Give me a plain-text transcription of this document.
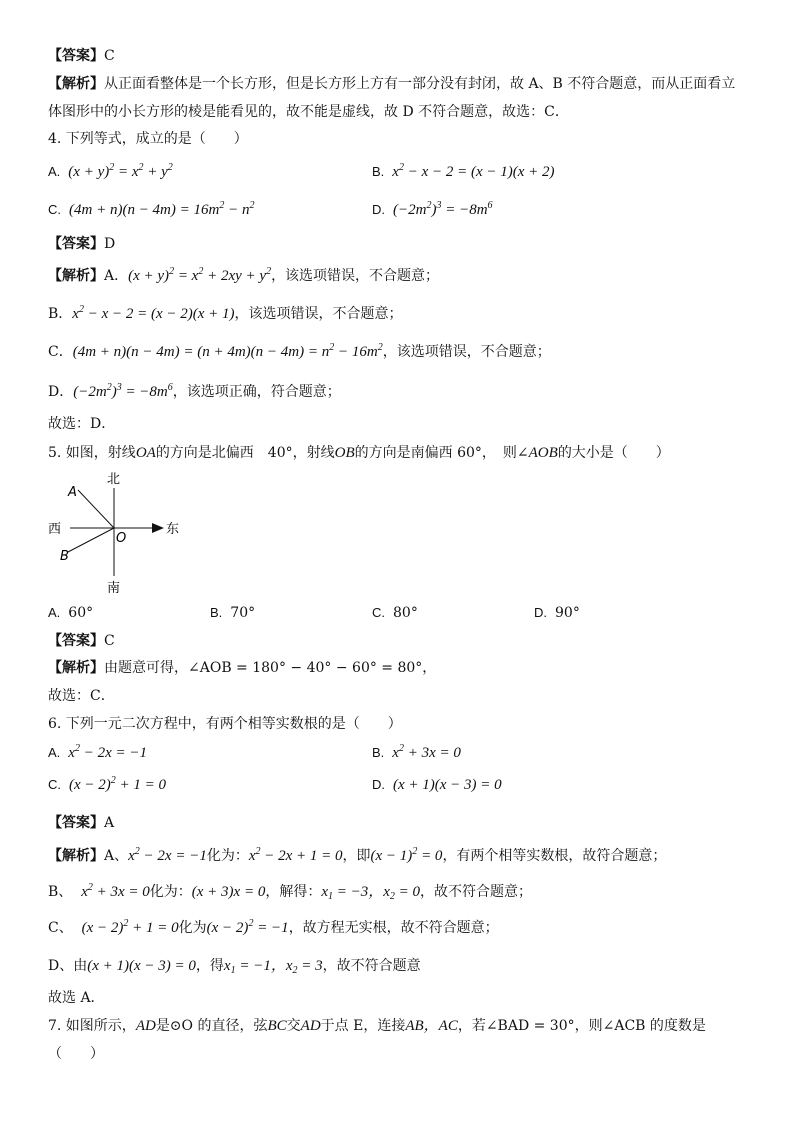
【答案】C
【解析】从正面看整体是一个长方形，但是长方形上方有一部分没有封闭，故 A、B 不符合题意，而从正面看立
体图形中的小长方形的棱是能看见的，故不能是虚线，故 D 不符合题意，故选：C．
4. 下列等式，成立的是（　　）
A. $(x + y)^2 = x^2 + y^2$	B. $x^2 - x - 2 = (x - 1)(x + 2)$
C. $(4m + n)(n - 4m) = 16m^2 - n^2$	D. $(-2m^2)^3 = -8m^6$
【答案】D
【解析】A．$(x + y)^2 = x^2 + 2xy + y^2$，该选项错误，不合题意；
B．$x^2 - x - 2 = (x - 2)(x + 1)$，该选项错误，不合题意；
C．$(4m + n)(n - 4m) = (n + 4m)(n - 4m) = n^2 - 16m^2$，该选项错误，不合题意；
D．$(-2m^2)^3 = -8m^6$，该选项正确，符合题意；
故选：D．
5. 如图，射线OA的方向是北偏西　40°，射线OB的方向是南偏西 60°，　则∠AOB的大小是（　　）
北
南
西	东
A
B
O
A. 60°	B. 70°	C. 80°	D. 90°
【答案】C
【解析】由题意可得，∠AOB = 180° − 40° − 60° = 80°，
故选：C．
6. 下列一元二次方程中，有两个相等实数根的是（　　）
A. $x^2 - 2x = -1$	B. $x^2 + 3x = 0$
C. $(x - 2)^2 + 1 = 0$	D. (x + 1)(x − 3) = 0
【答案】A
【解析】A、$x^2 - 2x = -1$化为：$x^2 - 2x + 1 = 0$，即$(x - 1)^2 = 0$，有两个相等实数根，故符合题意；
B、 $x^2 + 3x = 0$化为：(x + 3)x = 0，解得：$x_1 = -3$，$x_2 = 0$，故不符合题意；
C、 $(x - 2)^2 + 1 = 0$化为$(x - 2)^2 = -1$，故方程无实根，故不符合题意；
D、由(x + 1)(x − 3) = 0，得$x_1 = -1$，$x_2 = 3$，故不符合题意
故选 A．
7. 如图所示，AD是⊙O 的直径，弦BC交AD于点 E，连接AB，AC，若∠BAD = 30°，则∠ACB 的度数是
（　　）
